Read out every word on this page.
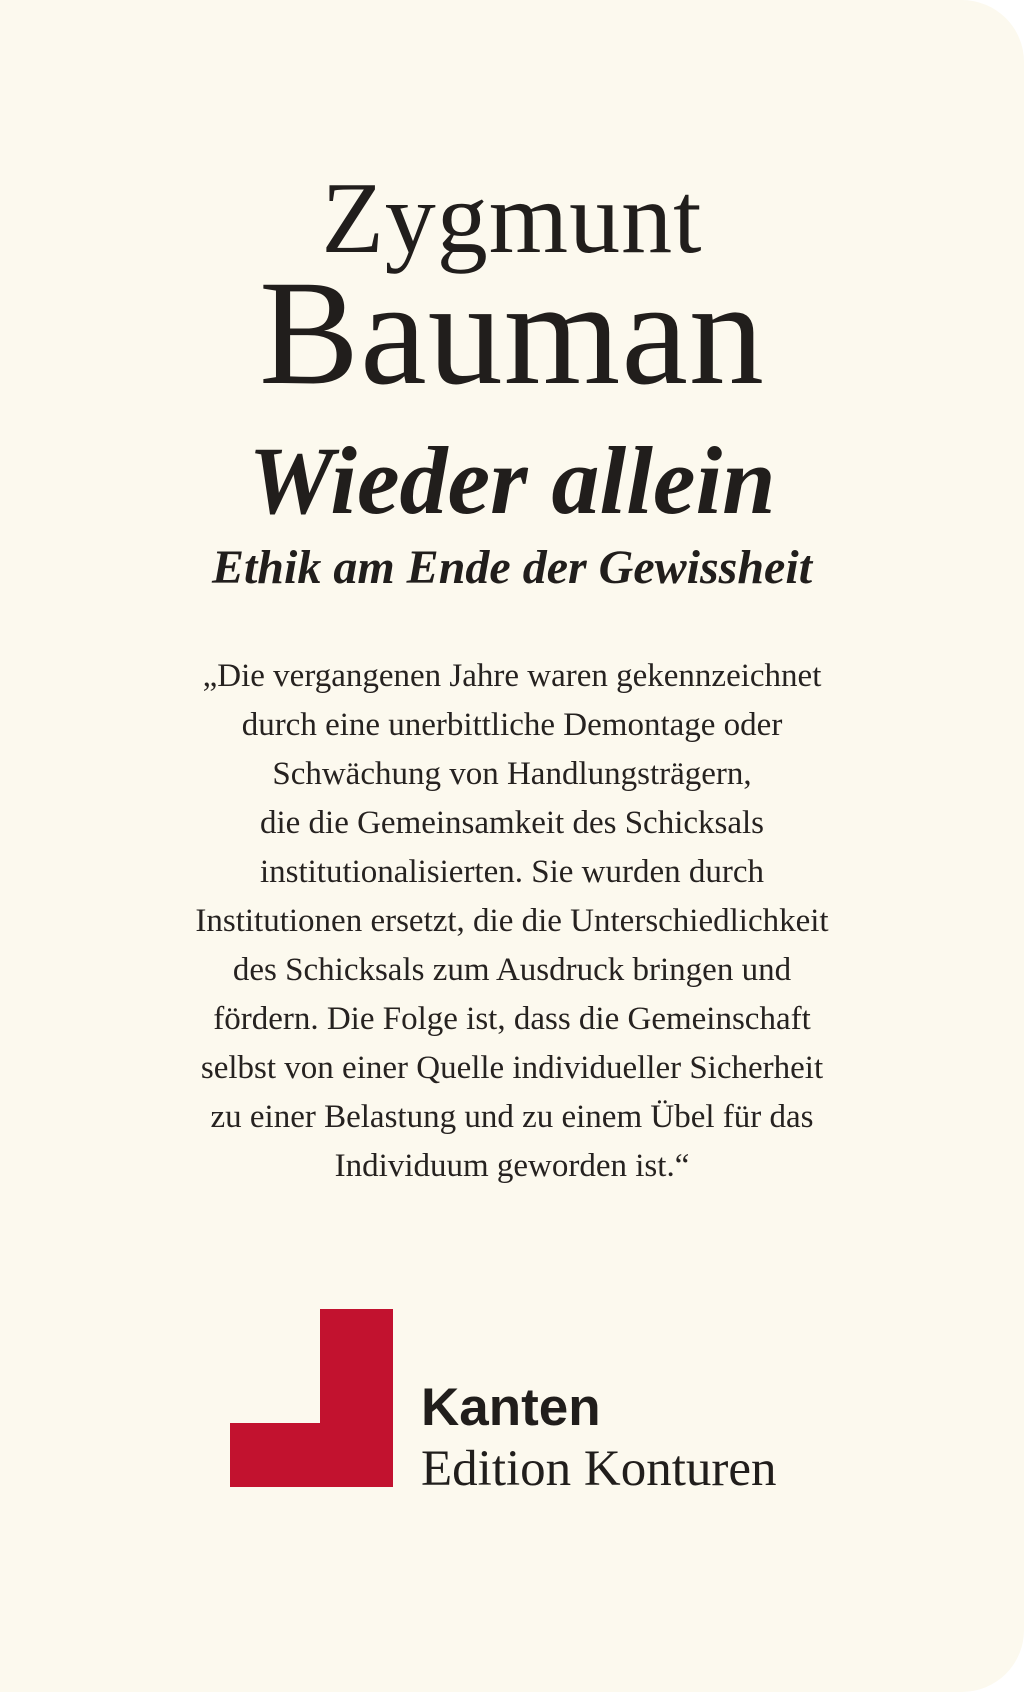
Zygmunt
Bauman
Wieder allein
Ethik am Ende der Gewissheit
„Die vergangenen Jahre waren gekennzeichnet
durch eine unerbittliche Demontage oder
Schwächung von Handlungsträgern,
die die Gemeinsamkeit des Schicksals
institutionalisierten. Sie wurden durch
Institutionen ersetzt, die die Unterschiedlichkeit
des Schicksals zum Ausdruck bringen und
fördern. Die Folge ist, dass die Gemeinschaft
selbst von einer Quelle individueller Sicherheit
zu einer Belastung und zu einem Übel für das
Individuum geworden ist.“
Kanten
Edition Konturen
